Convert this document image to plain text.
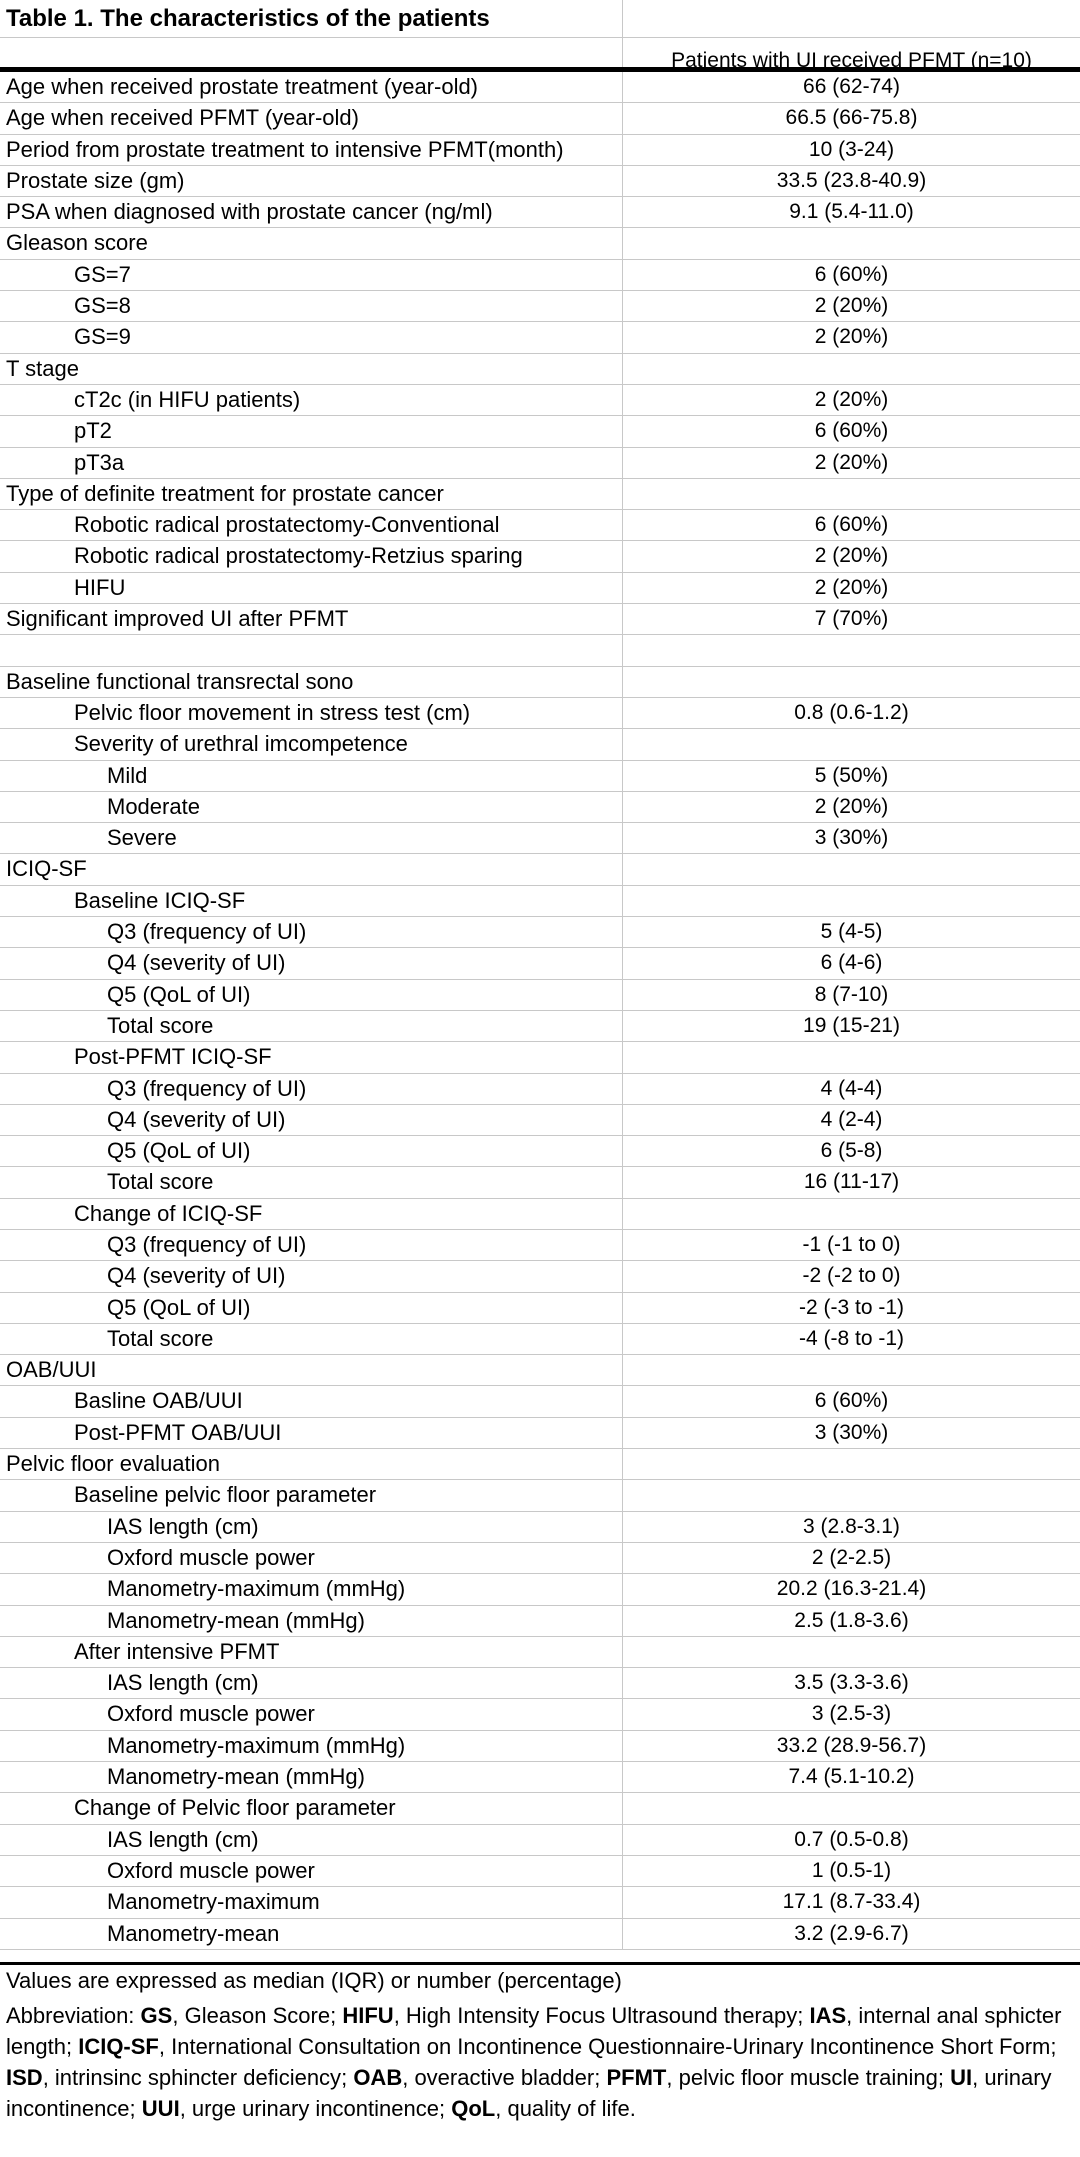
Table 1. The characteristics of the patients
Patients with UI received PFMT (n=10)
Age when received prostate treatment (year-old)	66 (62-74)
Age when received PFMT (year-old)	66.5 (66-75.8)
Period from prostate treatment to intensive PFMT(month)	10 (3-24)
Prostate size (gm)	33.5 (23.8-40.9)
PSA when diagnosed with prostate cancer (ng/ml)	9.1 (5.4-11.0)
Gleason score
GS=7	6 (60%)
GS=8	2 (20%)
GS=9	2 (20%)
T stage
cT2c (in HIFU patients)	2 (20%)
pT2	6 (60%)
pT3a	2 (20%)
Type of definite treatment for prostate cancer
Robotic radical prostatectomy-Conventional	6 (60%)
Robotic radical prostatectomy-Retzius sparing	2 (20%)
HIFU	2 (20%)
Significant improved UI after PFMT	7 (70%)
Baseline functional transrectal sono
Pelvic floor movement in stress test (cm)	0.8 (0.6-1.2)
Severity of urethral imcompetence
Mild	5 (50%)
Moderate	2 (20%)
Severe	3 (30%)
ICIQ-SF
Baseline ICIQ-SF
Q3 (frequency of UI)	5 (4-5)
Q4 (severity of UI)	6 (4-6)
Q5 (QoL of UI)	8 (7-10)
Total score	19 (15-21)
Post-PFMT ICIQ-SF
Q3 (frequency of UI)	4 (4-4)
Q4 (severity of UI)	4 (2-4)
Q5 (QoL of UI)	6 (5-8)
Total score	16 (11-17)
Change of ICIQ-SF
Q3 (frequency of UI)	-1 (-1 to 0)
Q4 (severity of UI)	-2 (-2 to 0)
Q5 (QoL of UI)	-2 (-3 to -1)
Total score	-4 (-8 to -1)
OAB/UUI
Basline OAB/UUI	6 (60%)
Post-PFMT OAB/UUI	3 (30%)
Pelvic floor evaluation
Baseline pelvic floor parameter
IAS length (cm)	3 (2.8-3.1)
Oxford muscle power	2 (2-2.5)
Manometry-maximum (mmHg)	20.2 (16.3-21.4)
Manometry-mean (mmHg)	2.5 (1.8-3.6)
After intensive PFMT
IAS length (cm)	3.5 (3.3-3.6)
Oxford muscle power	3 (2.5-3)
Manometry-maximum (mmHg)	33.2 (28.9-56.7)
Manometry-mean (mmHg)	7.4 (5.1-10.2)
Change of Pelvic floor parameter
IAS length (cm)	0.7 (0.5-0.8)
Oxford muscle power	1 (0.5-1)
Manometry-maximum	17.1 (8.7-33.4)
Manometry-mean	3.2 (2.9-6.7)
Values are expressed as median (IQR) or number (percentage)
Abbreviation: GS, Gleason Score; HIFU, High Intensity Focus Ultrasound therapy; IAS, internal anal sphicter length; ICIQ-SF, International Consultation on Incontinence Questionnaire-Urinary Incontinence Short Form; ISD, intrinsinc sphincter deficiency; OAB, overactive bladder; PFMT, pelvic floor muscle training; UI, urinary incontinence; UUI, urge urinary incontinence; QoL, quality of life.
